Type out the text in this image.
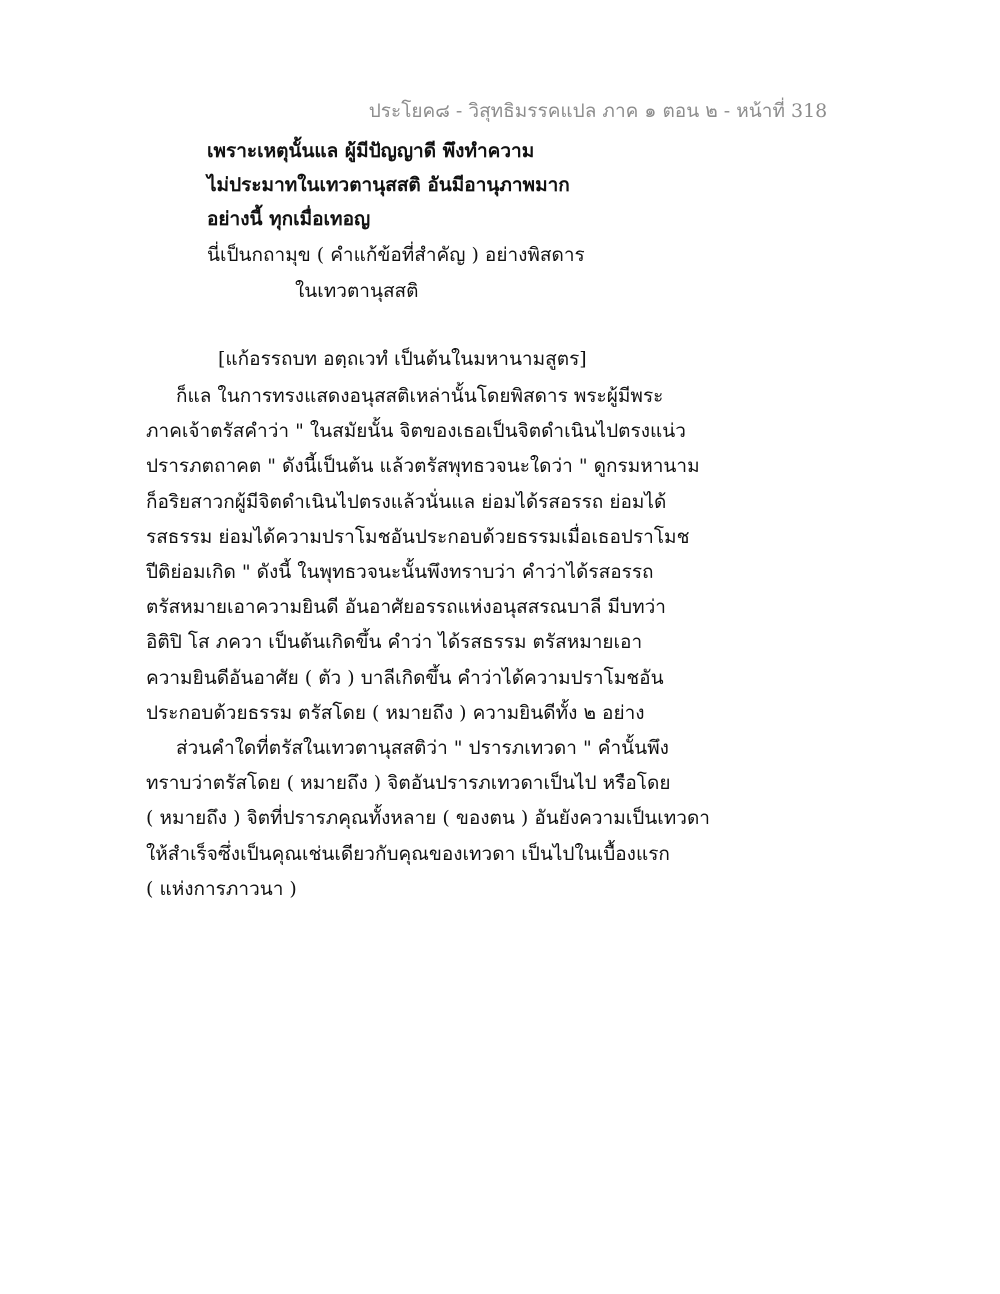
ประโยค๘ - วิสุทธิมรรคแปล ภาค ๑ ตอน ๒ - หน้าที่ 318
เพราะเหตุนั้นแล ผู้มีปัญญาดี พึงทำความ
ไม่ประมาทในเทวตานุสสติ อันมีอานุภาพมาก
อย่างนี้ ทุกเมื่อเทอญ
นี่เป็นกถามุข ( คำแก้ข้อที่สำคัญ ) อย่างพิสดาร
ในเทวตานุสสติ
[แก้อรรถบท อตฺถเวทํ เป็นต้นในมหานามสูตร]
ก็แล ในการทรงแสดงอนุสสติเหล่านั้นโดยพิสดาร พระผู้มีพระ
ภาคเจ้าตรัสคำว่า " ในสมัยนั้น จิตของเธอเป็นจิตดำเนินไปตรงแน่ว
ปรารภตถาคต " ดังนี้เป็นต้น แล้วตรัสพุทธวจนะใดว่า " ดูกรมหานาม
ก็อริยสาวกผู้มีจิตดำเนินไปตรงแล้วนั่นแล ย่อมได้รสอรรถ ย่อมได้
รสธรรม ย่อมได้ความปราโมชอันประกอบด้วยธรรมเมื่อเธอปราโมช
ปีติย่อมเกิด " ดังนี้ ในพุทธวจนะนั้นพึงทราบว่า คำว่าได้รสอรรถ
ตรัสหมายเอาความยินดี อันอาศัยอรรถแห่งอนุสสรณบาลี มีบทว่า
อิติปิ โส ภควา เป็นต้นเกิดขึ้น คำว่า ได้รสธรรม ตรัสหมายเอา
ความยินดีอันอาศัย ( ตัว ) บาลีเกิดขึ้น คำว่าได้ความปราโมชอัน
ประกอบด้วยธรรม ตรัสโดย ( หมายถึง ) ความยินดีทั้ง ๒ อย่าง
ส่วนคำใดที่ตรัสในเทวตานุสสติว่า " ปรารภเทวดา " คำนั้นพึง
ทราบว่าตรัสโดย ( หมายถึง ) จิตอันปรารภเทวดาเป็นไป หรือโดย
( หมายถึง ) จิตที่ปรารภคุณทั้งหลาย ( ของตน ) อันยังความเป็นเทวดา
ให้สำเร็จซึ่งเป็นคุณเช่นเดียวกับคุณของเทวดา เป็นไปในเบื้องแรก
( แห่งการภาวนา )
